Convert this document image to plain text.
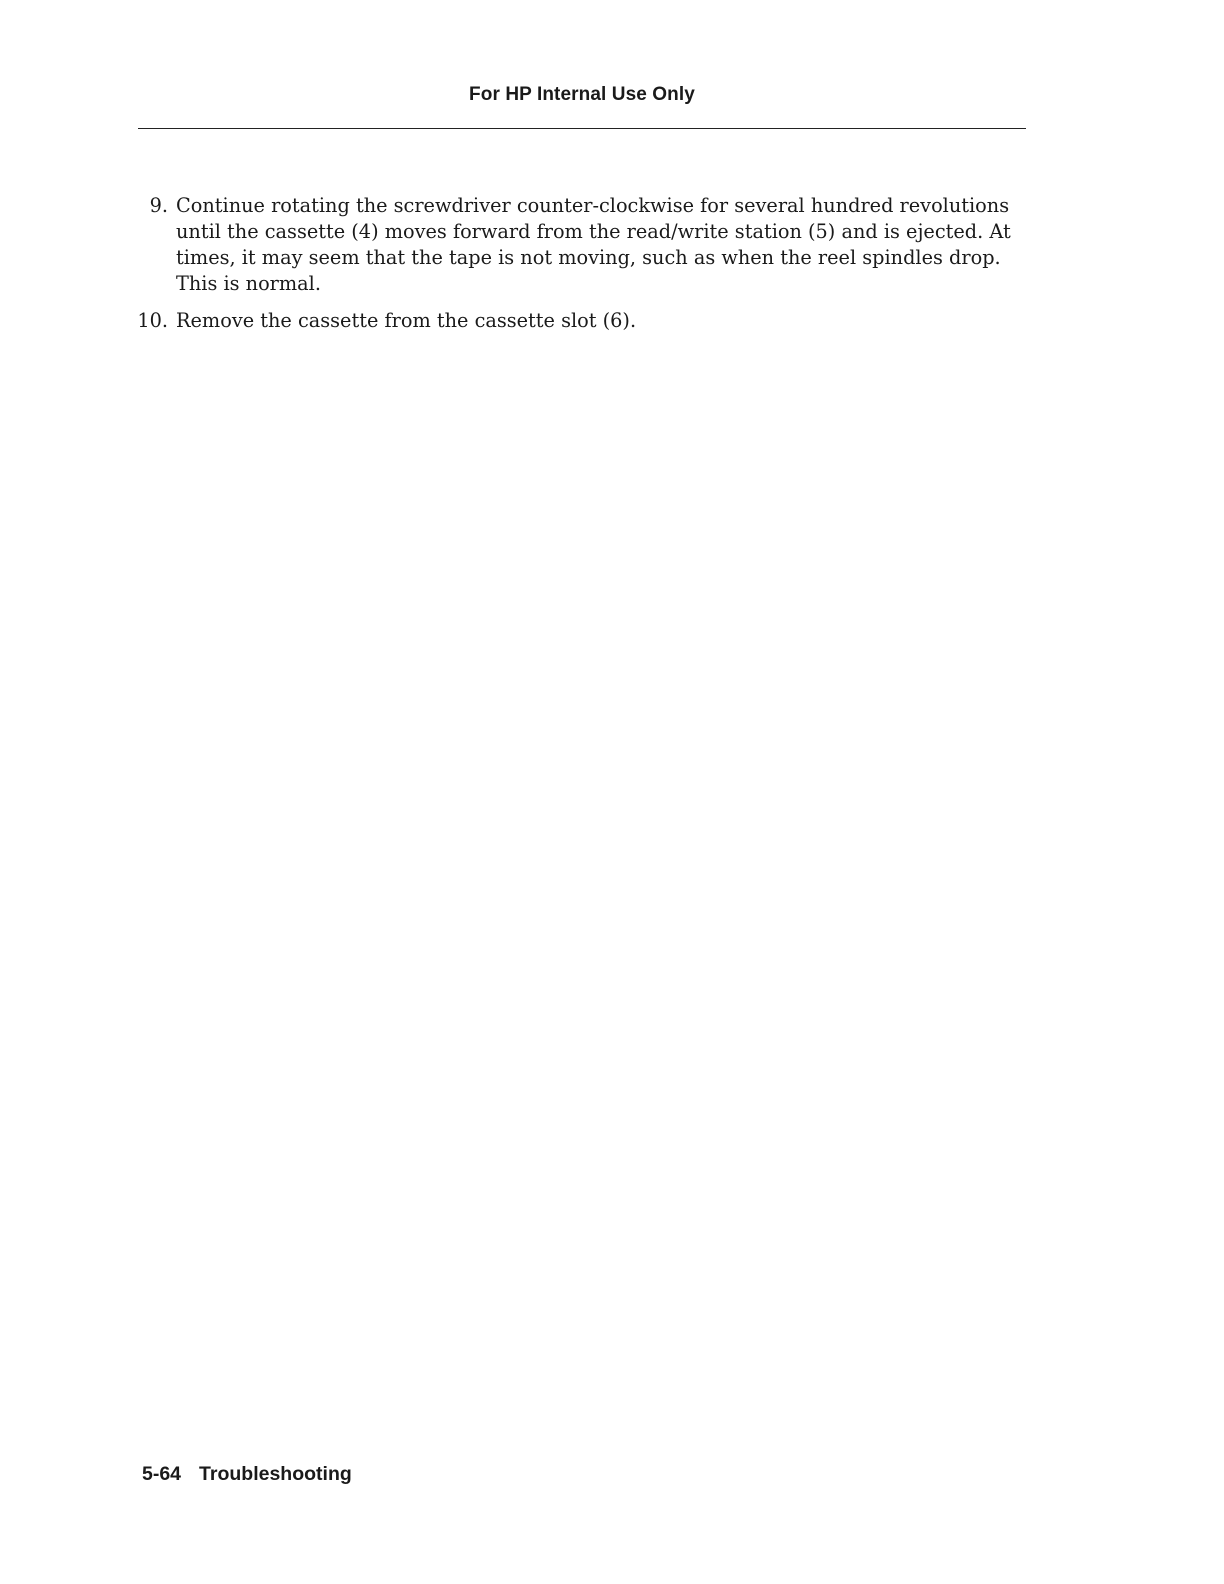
For HP Internal Use Only
9. Continue rotating the screwdriver counter-clockwise for several hundred revolutions until the cassette (4) moves forward from the read/write station (5) and is ejected. At times, it may seem that the tape is not moving, such as when the reel spindles drop. This is normal.
10. Remove the cassette from the cassette slot (6).
5-64 Troubleshooting
